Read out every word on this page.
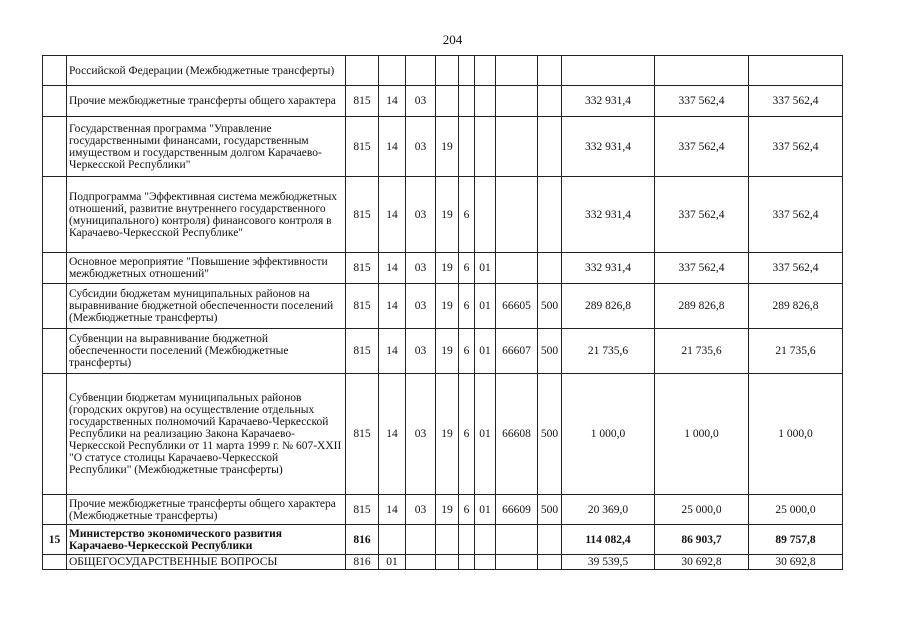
204
	Российской Федерации (Межбюджетные трансферты)											
	Прочие межбюджетные трансферты общего характера	815	14	03						332 931,4	337 562,4	337 562,4
	Государственная программа "Управление государственными финансами, государственным имуществом и государственным долгом Карачаево-Черкесской Республики"	815	14	03	19					332 931,4	337 562,4	337 562,4
	Подпрограмма "Эффективная система межбюджетных отношений, развитие внутреннего государственного (муниципального) контроля) финансового контроля в Карачаево-Черкесской Республике"	815	14	03	19	6				332 931,4	337 562,4	337 562,4
	Основное мероприятие "Повышение эффективности межбюджетных отношений"	815	14	03	19	6	01			332 931,4	337 562,4	337 562,4
	Субсидии бюджетам муниципальных районов на выравнивание бюджетной обеспеченности поселений (Межбюджетные трансферты)	815	14	03	19	6	01	66605	500	289 826,8	289 826,8	289 826,8
	Субвенции на выравнивание бюджетной обеспеченности поселений (Межбюджетные трансферты)	815	14	03	19	6	01	66607	500	21 735,6	21 735,6	21 735,6
	Субвенции бюджетам муниципальных районов (городских округов) на осуществление отдельных государственных полномочий Карачаево-Черкесской Республики на реализацию Закона Карачаево-Черкесской Республики от 11 марта 1999 г. № 607-XXII "О статусе столицы Карачаево-Черкесской Республики" (Межбюджетные трансферты)	815	14	03	19	6	01	66608	500	1 000,0	1 000,0	1 000,0
	Прочие межбюджетные трансферты общего характера (Межбюджетные трансферты)	815	14	03	19	6	01	66609	500	20 369,0	25 000,0	25 000,0
15	Министерство экономического развития Карачаево-Черкесской Республики	816								114 082,4	86 903,7	89 757,8
	ОБЩЕГОСУДАРСТВЕННЫЕ ВОПРОСЫ	816	01							39 539,5	30 692,8	30 692,8
